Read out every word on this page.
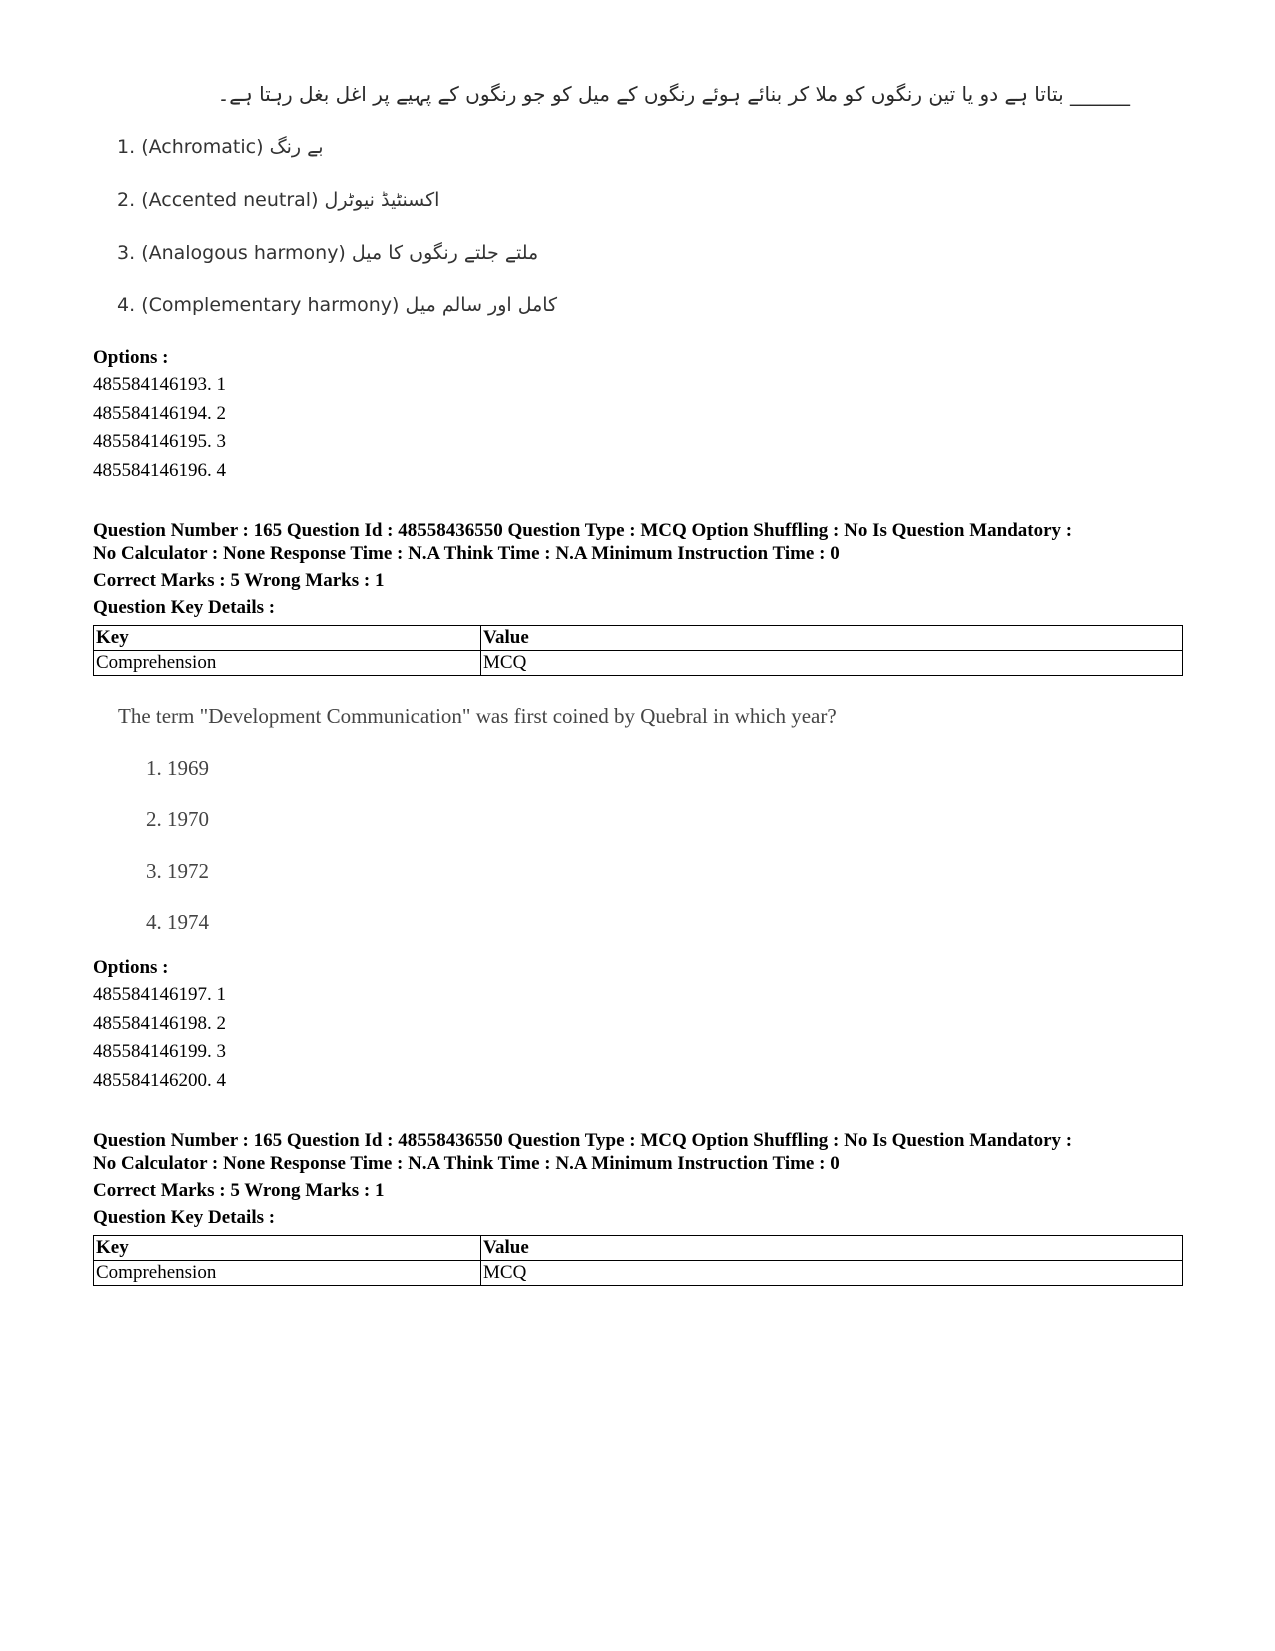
______ بتاتا ہے دو یا تین رنگوں کو ملا کر بنائے ہوئے رنگوں کے میل کو جو رنگوں کے پہیے پر اغل بغل رہتا ہے۔
1. (Achromatic) بے رنگ
2. (Accented neutral) اکسنٹیڈ نیوٹرل
3. (Analogous harmony) ملتے جلتے رنگوں کا میل
4. (Complementary harmony) کامل اور سالم میل
Options :
485584146193. 1
485584146194. 2
485584146195. 3
485584146196. 4
Question Number : 165 Question Id : 48558436550 Question Type : MCQ Option Shuffling : No Is Question Mandatory :
No Calculator : None Response Time : N.A Think Time : N.A Minimum Instruction Time : 0
Correct Marks : 5 Wrong Marks : 1
Question Key Details :
Key	Value
Comprehension	MCQ
The term "Development Communication" was first coined by Quebral in which year?
1. 1969
2. 1970
3. 1972
4. 1974
Options :
485584146197. 1
485584146198. 2
485584146199. 3
485584146200. 4
Question Number : 165 Question Id : 48558436550 Question Type : MCQ Option Shuffling : No Is Question Mandatory :
No Calculator : None Response Time : N.A Think Time : N.A Minimum Instruction Time : 0
Correct Marks : 5 Wrong Marks : 1
Question Key Details :
Key	Value
Comprehension	MCQ
